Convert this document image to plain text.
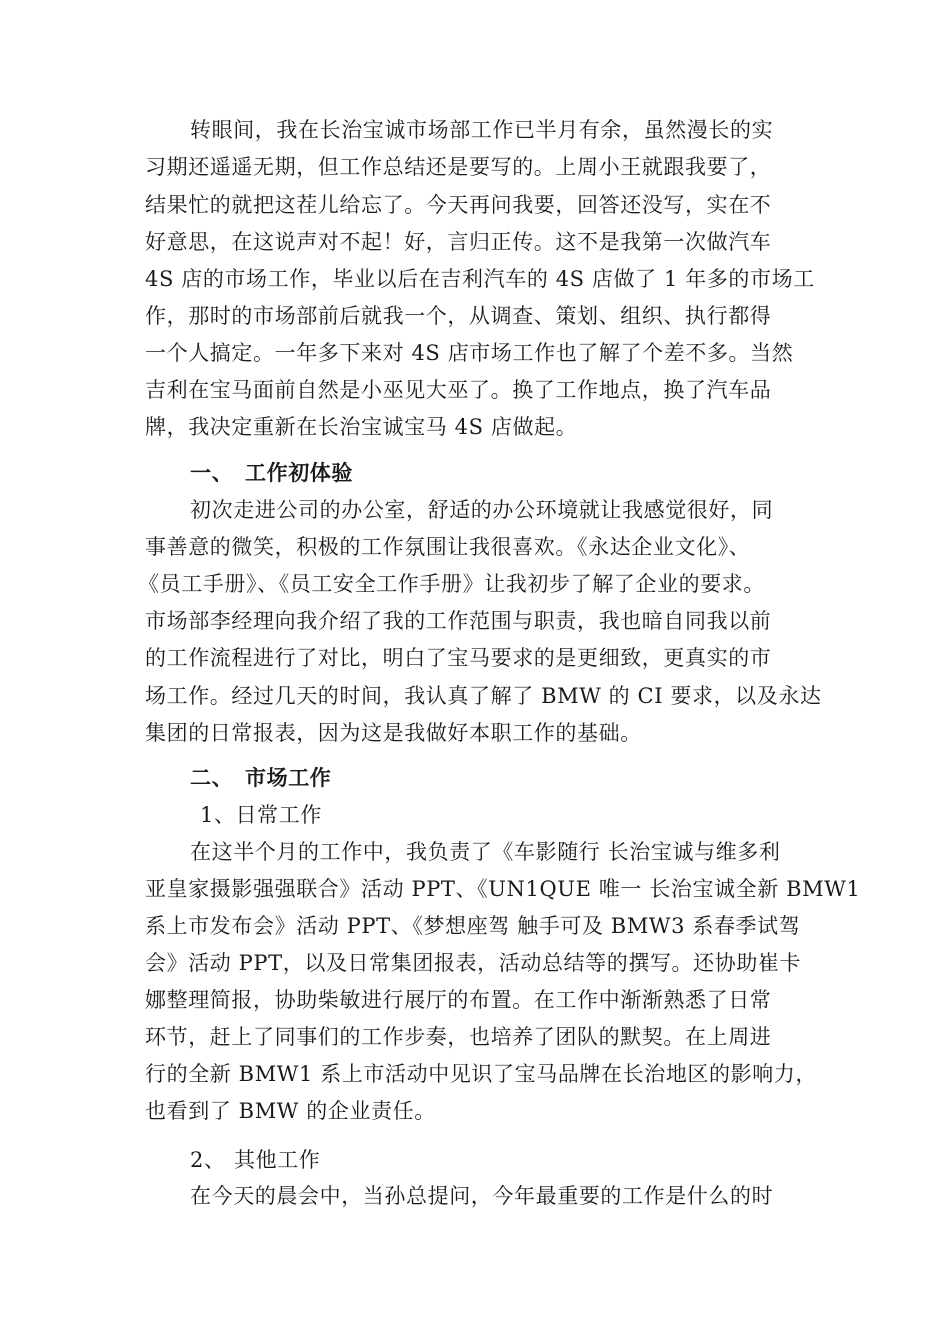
转眼间，我在长治宝诚市场部工作已半月有余，虽然漫长的实
习期还遥遥无期，但工作总结还是要写的。上周小王就跟我要了，
结果忙的就把这茬儿给忘了。今天再问我要，回答还没写，实在不
好意思，在这说声对不起！好，言归正传。这不是我第一次做汽车
4S 店的市场工作，毕业以后在吉利汽车的 4S 店做了 1 年多的市场工
作，那时的市场部前后就我一个，从调查、策划、组织、执行都得
一个人搞定。一年多下来对 4S 店市场工作也了解了个差不多。当然
吉利在宝马面前自然是小巫见大巫了。换了工作地点，换了汽车品
牌，我决定重新在长治宝诚宝马 4S 店做起。
一、 工作初体验
初次走进公司的办公室，舒适的办公环境就让我感觉很好，同
事善意的微笑，积极的工作氛围让我很喜欢。《永达企业文化》、
《员工手册》、《员工安全工作手册》让我初步了解了企业的要求。
市场部李经理向我介绍了我的工作范围与职责，我也暗自同我以前
的工作流程进行了对比，明白了宝马要求的是更细致，更真实的市
场工作。经过几天的时间，我认真了解了 BMW 的 CI 要求，以及永达
集团的日常报表，因为这是我做好本职工作的基础。
二、 市场工作
1、日常工作
在这半个月的工作中，我负责了《车影随行 长治宝诚与维多利
亚皇家摄影强强联合》活动 PPT、《UN1QUE 唯一 长治宝诚全新 BMW1
系上市发布会》活动 PPT、《梦想座驾 触手可及 BMW3 系春季试驾
会》活动 PPT，以及日常集团报表，活动总结等的撰写。还协助崔卡
娜整理简报，协助柴敏进行展厅的布置。在工作中渐渐熟悉了日常
环节，赶上了同事们的工作步奏，也培养了团队的默契。在上周进
行的全新 BMW1 系上市活动中见识了宝马品牌在长治地区的影响力，
也看到了 BMW 的企业责任。
2、 其他工作
在今天的晨会中，当孙总提问，今年最重要的工作是什么的时
